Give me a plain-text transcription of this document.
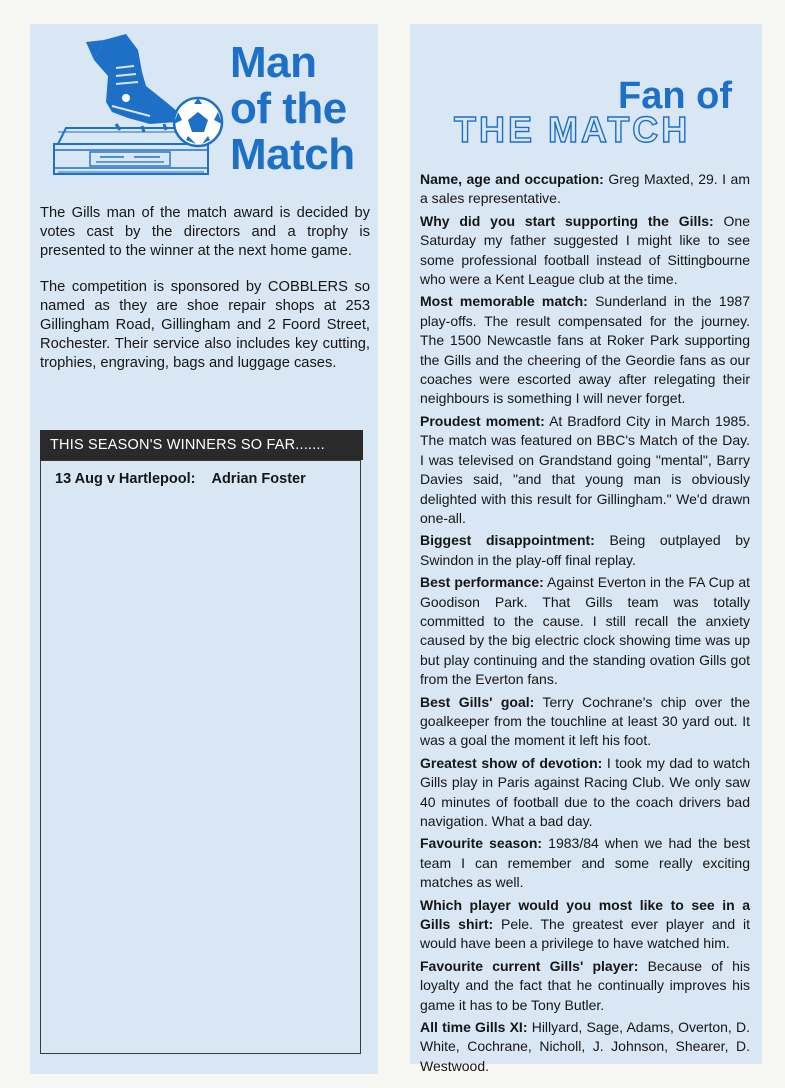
Man
of the
Match

The Gills man of the match award is decided by votes cast by the directors and a trophy is presented to the winner at the next home game.

The competition is sponsored by COBBLERS so named as they are shoe repair shops at 253 Gillingham Road, Gillingham and 2 Foord Street, Rochester. Their service also includes key cutting, trophies, engraving, bags and luggage cases.

THIS SEASON'S WINNERS SO FAR.......
13 Aug v Hartlepool: Adrian Foster
Fan of
THE MATCH

Name, age and occupation: Greg Maxted, 29. I am a sales representative.

Why did you start supporting the Gills: One Saturday my father suggested I might like to see some professional football instead of Sittingbourne who were a Kent League club at the time.

Most memorable match: Sunderland in the 1987 play-offs. The result compensated for the journey. The 1500 Newcastle fans at Roker Park supporting the Gills and the cheering of the Geordie fans as our coaches were escorted away after relegating their neighbours is something I will never forget.

Proudest moment: At Bradford City in March 1985. The match was featured on BBC's Match of the Day. I was televised on Grandstand going "mental", Barry Davies said, "and that young man is obviously delighted with this result for Gillingham." We'd drawn one-all.

Biggest disappointment: Being outplayed by Swindon in the play-off final replay.

Best performance: Against Everton in the FA Cup at Goodison Park. That Gills team was totally committed to the cause. I still recall the anxiety caused by the big electric clock showing time was up but play continuing and the standing ovation Gills got from the Everton fans.

Best Gills' goal: Terry Cochrane's chip over the goalkeeper from the touchline at least 30 yard out. It was a goal the moment it left his foot.

Greatest show of devotion: I took my dad to watch Gills play in Paris against Racing Club. We only saw 40 minutes of football due to the coach drivers bad navigation. What a bad day.

Favourite season: 1983/84 when we had the best team I can remember and some really exciting matches as well.

Which player would you most like to see in a Gills shirt: Pele. The greatest ever player and it would have been a privilege to have watched him.

Favourite current Gills' player: Because of his loyalty and the fact that he continually improves his game it has to be Tony Butler.

All time Gills XI: Hillyard, Sage, Adams, Overton, D. White, Cochrane, Nicholl, J. Johnson, Shearer, D. Westwood.
